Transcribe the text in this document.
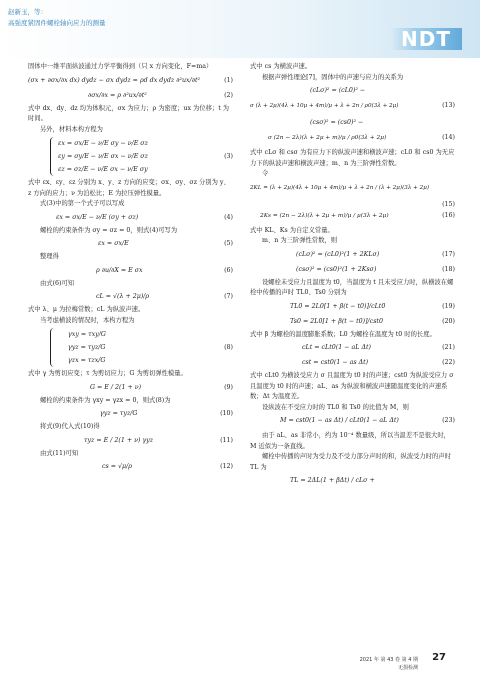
赵新玉，等：
高强度紧固件螺栓轴向应力的测量
NDT

固体中一维平面纵波通过力学平衡得到（只 x 方向变化，F=ma）

(σx + ∂σx/∂x dx) dydz − σx dydz = ρd dx dydz ∂²ux/∂t²	(1)
∂σx/∂x = ρ ∂²ux/∂t²	(2)

式中 dx、dy、dz 均为体积元，σx 为应力；ρ 为密度；ux 为位移；t 为时间。

另外，材料本构方程为

εx = σx/E − ν/E σy − ν/E σz
εy = σy/E − ν/E σx − ν/E σz
εz = σz/E − ν/E σx − ν/E σy
(3)

式中 εx、εy、εz 分别为 x、y、z 方向的应变；σx、σy、σz 分别为 y、z 方向的应力；ν 为泊松比；E 为拉压弹性模量。

式(3)中的第一个式子可以写成

εx = σx/E − ν/E (σy + σz)	(4)

螺栓的约束条件为 σy = σz = 0，则式(4)可写为

εx = σx/E	(5)

整理得

ρ ∂u/∂X = E σx	(6)

由式(6)可知

cL = √(λ + 2μ)/ρ	(7)

式中 λ、μ 为拉梅常数；cL 为纵波声速。

当考虑横波的情况时，本构方程为

γxy = τxy/G
γyz = τyz/G
γzx = τzx/G
(8)

式中 γ 为剪切应变；τ 为剪切应力；G 为剪切弹性模量。

G = E / 2(1 + ν)	(9)

螺栓的约束条件为 γxy = γzx = 0，则式(8)为

γyz = τyz/G	(10)

将式(9)代入式(10)得

τyz = E / 2(1 + ν) γyz	(11)

由式(11)可知

cs = √μ/ρ	(12)

式中 cs 为横波声速。

根据声弹性理论[7]，固体中的声速与应力的关系为

(cLσ)² = (cL0)² −
σ (λ + 2μ)(4λ + 10μ + 4m)/μ + λ + 2n / ρ0(3λ + 2μ)	(13)
(csσ)² = (cs0)² −
σ (2n − 2λ)(λ + 2μ + m)/μ / ρ0(3λ + 2μ)	(14)

式中 cLσ 和 csσ 为有应力下的纵波声速和横波声速；cL0 和 cs0 为无应力下的纵波声速和横波声速；m、n 为三阶弹性常数。

令

2KL = (λ + 2μ)(4λ + 10μ + 4m)/μ + λ + 2n / (λ + 2μ)(3λ + 2μ)
(15)
2Ks = (2n − 2λ)(λ + 2μ + m)/μ / μ(3λ + 2μ)	(16)

式中 KL、Ks 为自定义常量。

m、n 为三阶弹性常数，则

(cLσ)² = (cL0)²(1 + 2KLσ)	(17)
(csσ)² = (cs0)²(1 + 2Ksσ)	(18)

设螺栓未受应力且温度为 t0，当温度为 t 且未受应力时，纵横波在螺栓中传播的声时 TL0、Ts0 分别为

TL0 = 2L0[1 + β(t − t0)]/cLt0	(19)
Ts0 = 2L0[1 + β(t − t0)]/cst0	(20)

式中 β 为螺栓的温度膨胀系数；L0 为螺栓在温度为 t0 时的长度。

cLt = cLt0(1 − aL Δt)	(21)
cst = cst0(1 − as Δt)	(22)

式中 cLt0 为横波受应力 σ 且温度为 t0 时的声速；cst0 为纵波受应力 σ 且温度为 t0 时的声速；aL、as 为纵波和横波声速随温度变化的声速系数；Δt 为温度差。

设纵波在不受应力时的 TL0 和 Ts0 的比值为 M，则

M = cst0(1 − as Δt) / cLt0(1 − aL Δt)	(23)

由于 aL、as 非常小，约为 10⁻⁴ 数量级，所以当温差不是很大时，M 近似为一条直线。

螺栓中传播的声时为受力及不受力部分声时的和，纵波受力时的声时 TL 为

TL = 2ΔL(1 + βΔt) / cLσ +
2021 年 第 43 卷 第 4 期
无损检测
27
